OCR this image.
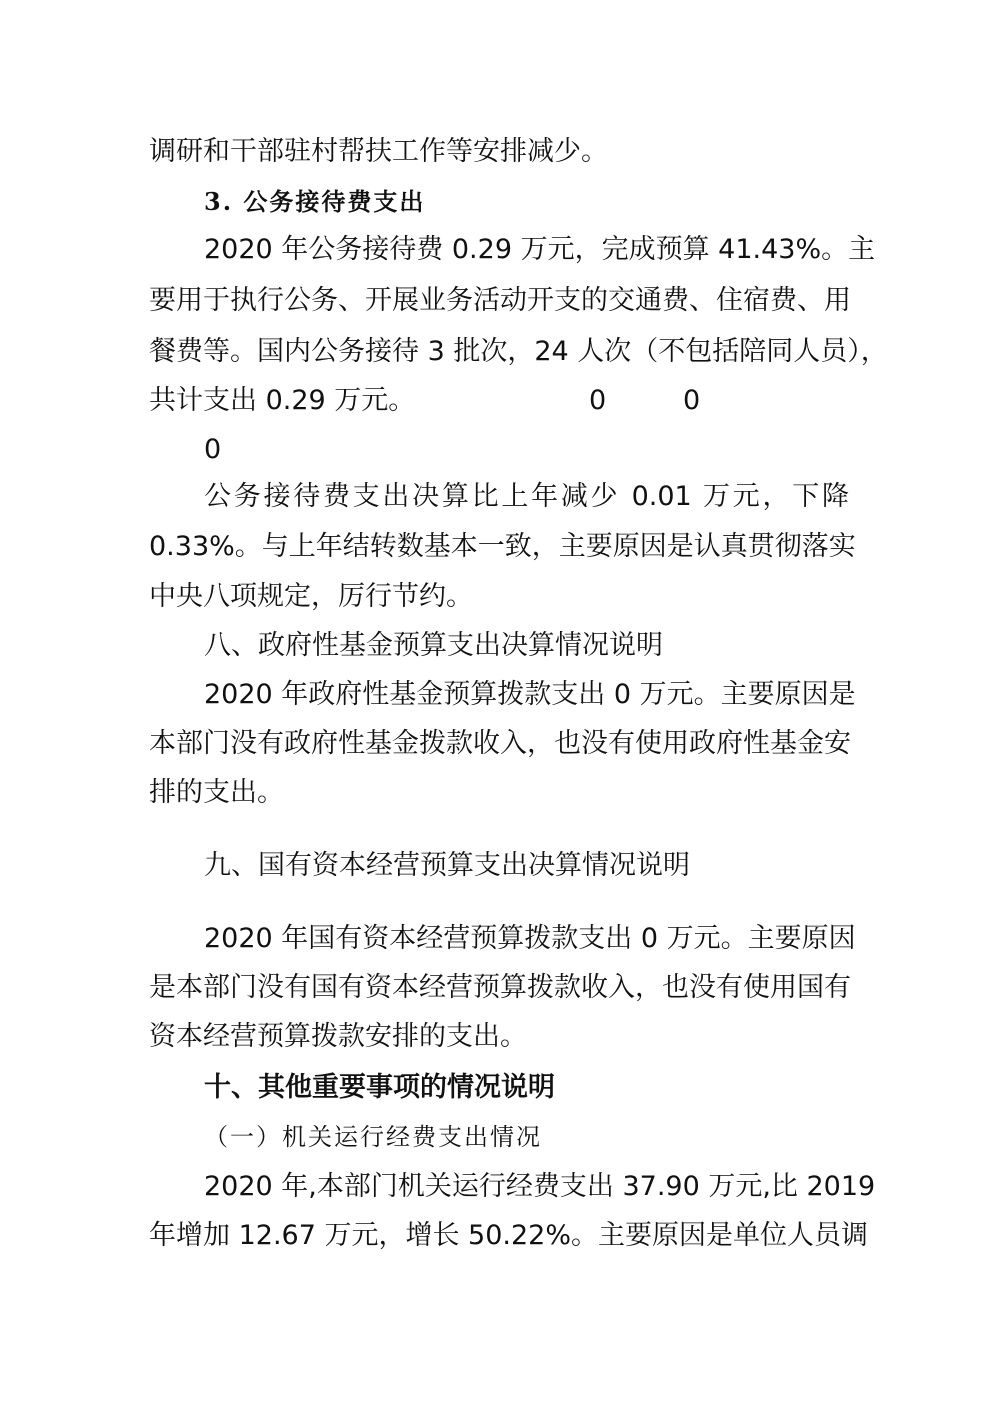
调研和干部驻村帮扶工作等安排减少。
3. 公务接待费支出
2020 年公务接待费 0.29 万元，完成预算 41.43%。主
要用于执行公务、开展业务活动开支的交通费、住宿费、用
餐费等。国内公务接待 3 批次，24 人次（不包括陪同人员），
共计支出 0.29 万元。	0	0
0
公务接待费支出决算比上年减少 0.01 万元，下降
0.33%。与上年结转数基本一致，主要原因是认真贯彻落实
中央八项规定，厉行节约。
八、政府性基金预算支出决算情况说明
2020 年政府性基金预算拨款支出 0 万元。主要原因是
本部门没有政府性基金拨款收入，也没有使用政府性基金安
排的支出。
九、国有资本经营预算支出决算情况说明
2020 年国有资本经营预算拨款支出 0 万元。主要原因
是本部门没有国有资本经营预算拨款收入，也没有使用国有
资本经营预算拨款安排的支出。
十、其他重要事项的情况说明
（一）机关运行经费支出情况
2020 年,本部门机关运行经费支出 37.90 万元,比 2019
年增加 12.67 万元，增长 50.22%。主要原因是单位人员调
